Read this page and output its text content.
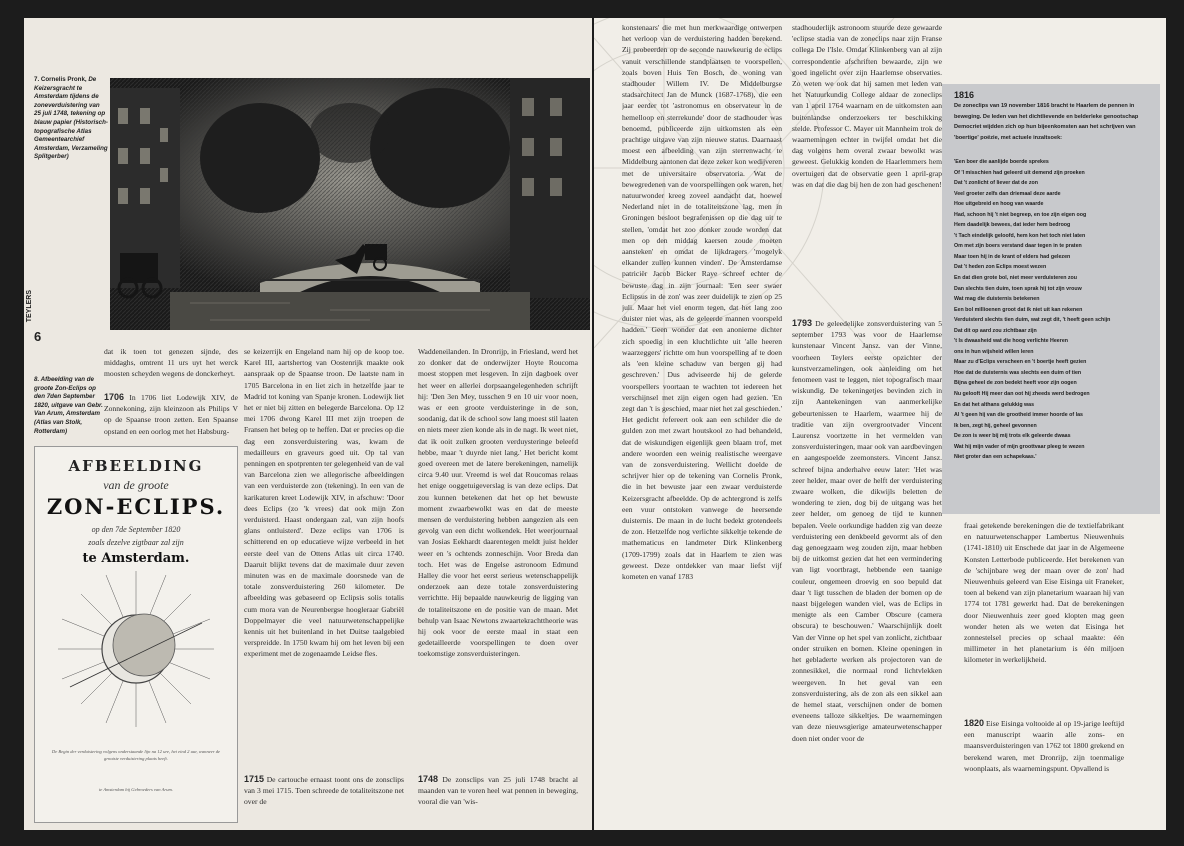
7. Cornelis Pronk, De Keizersgracht te Amsterdam tijdens de zoneverduistering van 25 juli 1748, tekening op blauw papier (Historisch-topografische Atlas Gemeentearchief Amsterdam, Verzameling Splitgerber)
TEYLERS
6
8. Afbeelding van de groote Zon-Eclips op den 7den September 1820, uitgave van Gebr. Van Arum, Amsterdam (Atlas van Stolk, Rotterdam)
AFBEELDING
van de groote
ZON-ECLIPS.
op den 7de September 1820
zoals dezelve zigtbaar zal zijn
te Amsterdam.
De Begin der verduistering volgens onderstaande lijn na 12 ure, het eind 2 uur, wanneer de grootste verduistering plaats heeft.
te Amsterdam bij Gebroeders van Arum.

dat ik toen tot genezen sijnde, des middaghs, omtrent 11 urs uyt het werck moosten scheyden wegens de donckerheyt.

1706 In 1706 liet Lodewijk XIV, de Zonnekoning, zijn kleinzoon als Philips V op de Spaanse troon zetten. Een Spaanse opstand en een oorlog met het Habsburg-

se keizerrijk en Engeland nam hij op de koop toe. Karel III, aartshertog van Oostenrijk maakte ook aanspraak op de Spaanse troon. De laatste nam in 1705 Barcelona in en liet zich in hetzelfde jaar te Madrid tot koning van Spanje kronen. Lodewijk liet het er niet bij zitten en belegerde Barcelona. Op 12 mei 1706 dwong Karel III met zijn troepen de Fransen het beleg op te heffen. Dat er precies op die dag een zonsverduistering was, kwam de medailleurs en graveurs goed uit. Op tal van penningen en spotprenten ter gelegenheid van de val van Barcelona zien we allegorische afbeeldingen van een verduisterde zon (tekening). In een van de karikaturen kreet Lodewijk XIV, in afschuw: 'Door dees Eclips (zo 'k vrees) dat ook mijn Zon verduisterd. Haast ondergaan zal, van zijn hoofs glans ontluisterd'. Deze eclips van 1706 is schitterend en op educatieve wijze verbeeld in het eerste deel van de Ottens Atlas uit circa 1740. Daaruit blijkt tevens dat de maximale duur zeven minuten was en de maximale doorsnede van de totale zonsverduistering 260 kilometer. De afbeelding was gebaseerd op Eclipsis solis totalis cum mora van de Neurenbergse hoogleraar Gabriël Doppelmayer die veel natuurwetenschappelijke kennis uit het buitenland in het Duitse taalgebied verspreidde. In 1750 kwam hij om het leven bij een experiment met de zogenaamde Leidse fles.

1715 De cartouche ernaast toont ons de zonsclips van 3 mei 1715. Toen schreede de totaliteitszone net over de

Waddeneilanden. In Dronrijp, in Friesland, werd het zo donker dat de onderwijzer Hoyte Roucoma moest stoppen met lesgeven. In zijn dagboek over het weer en allerlei dorpsaangelegenheden schrijft hij: 'Den 3en Mey, tusschen 9 en 10 uir voor noen, was er een groote verduisteringe in de son, soodanig, dat ik de school sow lang moest stil laaten en niets meer zien konde als in de nagt. Ik weet niet, dat ik ooit zulken grooten verduysteringe beleefd hebbe, maar 't duyrde niet lang.' Het bericht komt goed overeen met de latere berekeningen, namelijk circa 9.40 uur. Vreemd is wel dat Roucomas relaas het enige ooggetuigeverslag is van deze eclips. Dat zou kunnen betekenen dat het op het bewuste moment zwaarbewolkt was en dat de meeste mensen de verduistering hebben aangezien als een gevolg van een dicht wolkendek. Het weerjournaal van Josias Eekhardt daarentegen meldt juist helder weer en 's ochtends zonneschijn. Voor Breda dan toch. Het was de Engelse astronoom Edmund Halley die voor het eerst serieus wetenschappelijk onderzoek aan deze totale zonsverduistering verrichtte. Hij bepaalde nauwkeurig de ligging van de totaliteitszone en de positie van de maan. Met behulp van Isaac Newtons zwaartekrachttheorie was hij ook voor de eerste maal in staat een gedetailleerde voorspellingen te doen over toekomstige zonsverduisteringen.

1748 De zonsclips van 25 juli 1748 bracht al maanden van te voren heel wat pennen in beweging, vooral die van 'wis-

konstenaars' die met hun merkwaardige ontwerpen het verloop van de verduistering hadden berekend. Zij probeerden op de seconde nauwkeurig de eclips vanuit verschillende standplaatsen te voorspellen, zoals boven Huis Ten Bosch, de woning van stadhouder Willem IV. De Middelburgse stadsarchitect Jan de Munck (1687-1768), die een jaar eerder tot 'astronomus en observateur in de hemelloop en sterrekunde' door de stadhouder was benoemd, publiceerde zijn uitkomsten als een prachtige uitgave van zijn nieuwe status. Daarnaast moest een afbeelding van zijn sterrenwacht te Middelburg aantonen dat deze zeker kon wedijveren met de universitaire observatoria. Wat de bewegredenen van de voorspellingen ook waren, het natuurwonder kreeg zoveel aandacht dat, hoewel Nederland niet in de totaliteitszone lag, men in Groningen besloot begrafenissen op die dag uit te stellen, 'omdat het zoo donker zoude worden dat men op den middag kaersen zoude moeten aansteken' en omdat de lijkdragers 'mogelyk elkander zullen kunnen vinden'. De Amsterdamse patriciër Jacob Bicker Raye schreef echter de bewuste dag in zijn journaal: 'Een seer swaer Eclipsus in de zon' was zeer duidelijk te zien op 25 juli. Maar het viel enorm tegen, dat het lang zoo duister niet was, als de geleerde mannen voorspeld hadden.' Geen wonder dat een anonieme dichter zich spoedig in een kluchtlichte uit 'alle heeren waarzeggers' richtte om hun voorspelling af te doen als 'een kleine schaduw van bergen gij had geschreven.' Dus adviseerde hij de gelerde voorspellers voortaan te wachten tot iedereen het verschijnsel met zijn eigen ogen had gezien. 'En zegt dan 't is geschied, maar niet het zal geschieden.' Het gedicht refereert ook aan een schilder die de gulden zon met zwart houtskool zo had behandeld, dat de wiskundigen eigenlijk geen blaam trof, met andere woorden een weinig realistische weergave van de zonsverduistering. Wellicht doelde de schrijver hier op de tekening van Cornelis Pronk, die in het bewuste jaar een zwaar verduisterde Keizersgracht afbeeldde. Op de achtergrond is zelfs een vuur ontstoken vanwege de heersende duisternis. De maan in de lucht bedekt grotendeels de zon. Hetzelfde nog verlichte sikkeltje tekende de mathematicus en landmeter Dirk Klinkenberg (1709-1799) zoals dat in Haarlem te zien was geweest. Deze ontdekker van maar liefst vijf kometen en vanaf 1783

stadhouderlijk astronoom stuurde deze gewaarde 'eclipse stadia van de zoneclips naar zijn Franse collega De l'Isle. Omdat Klinkenberg van al zijn correspondentie afschriften bewaarde, zijn we goed ingelicht over zijn Haarlemse observaties. Zo weten we ook dat hij samen met leden van het Natuurkundig College aldaar de zoneclips van 1 april 1764 waarnam en de uitkomsten aan buitenlandse onderzoekers ter beschikking stelde. Professor C. Mayer uit Mannheim trok de waarnemingen echter in twijfel omdat het die dag volgens hem overal zwaar bewolkt was geweest. Gelukkig konden de Haarlemmers hem overtuigen dat de observatie geen 1 april-grap was en dat die dag bij hen de zon had geschenen!

1793 De geleedelijke zonsverduistering van 5 september 1793 was voor de Haarlemse kunstenaar Vincent Jansz. van der Vinne, voorheen Teylers eerste opzichter der kunstverzamelingen, ook aanleiding om het fenomeen vast te leggen, niet topografisch maar wiskundig. De tekeningetjes bevinden zich in zijn Aantekeningen van aanmerkelijke gebeurtenissen te Haarlem, waarmee hij de traditie van zijn overgrootvader Vincent Laurensz voortzette in het vermelden van zonsverduisteringen, maar ook van aardbevingen en aangespoelde zeemonsters. Vincent Jansz. schreef bijna anderhalve eeuw later: 'Het was zeer helder, maar over de helft der verduistering zwaare wolken, die dikwijls beletten de wondering te zien, dog bij de uitgang was het zeer helder, om genoeg de tijd te kunnen bepalen. Veele oorkundige hadden zig van deeze verduistering een denkbeeld gevormt als of den dag genoegzaam weg zouden zijn, maar hebben bij de uitkomst gezien dat het een vermindering van ligt voortbragt, hebbende een taanige couleur, ongemeen droevig en soo bepuld dat daar 't ligt tusschen de bladen der bomen op de naast bijgelegen wanden viel, was de Eclips in menigte als een Camber Obscure (camera obscura) te beschouwen.' Waarschijnlijk doelt Van der Vinne op het spel van zonlicht, zichtbaar onder struiken en bomen. Kleine openingen in het gebladerte werken als projectoren van de zonnesikkel, die normaal rond lichtvlekken weergeven. In het geval van een zonsverduistering, als de zon als een sikkel aan de hemel staat, verschijnen onder de bomen eveneens talloze sikkeltjes. De waarnemingen van deze nieuwsgierige amateurwetenschapper doen niet onder voor de

1816
De zoneclips van 19 november 1816 bracht te Haarlem de pennen in beweging. De leden van het dichtlievende en belderleke genootschap Democriet wijdden zich op hun bijeenkomsten aan het schrijven van 'boertige' poëzie, met actuele inzaltsoek:
'Een boer die aanlijde boerde sprekes
Of 'l misschien had geleerd uit demend zijn proeken
Dat 't zonlicht of liever dat de zon
Veel groeter zelfs dan driemaal deze aarde
Hoe uitgebreid en hoog van waarde
Had, schoon hij 't niet begreep, en toe zijn eigen oog
Hem daadelijk bewees, dat ieder hem bedroog
't Tach eindelijk geloofd, hem kon het toch niet laten
Om met zijn boers verstand daar tegen in te praten
Maar toen hij in de krant of elders had gelezen
Dat 't heden zon Eclips moest wezen
En dat dien grote bol, niet meer verduisteren zou
Dan slechts tien duim, toen sprak hij tot zijn vrouw
Wat mag die duisternis betekenen
Een bol millioenen groot dat ik niet uit kan rekenen
Verduisterd slechts tien duim, wat zegt dit, 't heeft geen schijn
Dat dit op aard zou zichtbaar zijn
't Is dwaasheid wat die hoog verlichte Heeren
ons in hun wijsheid willen leren
Maar zu d'Eclips verscheen en 't boertje heeft gezien
Hoe dat de duisternis was slechts een duim of tien
Bijna geheel de zon bedekt heeft voor zijn oogen
Nu gelooft Hij meer dan oot hij zheeds werd bedrogen
En dat het althans gelukkig was
Al 't geen hij van die grootheid immer hoorde of las
Ik ben, zegt hij, geheel gevonnen
De zon is weer bij mij trots elk geleerde dwaas
Wat hij mijn vader of mijn groottvaar pleeg te wezen
Niet groter dan een schapekaas.'

fraai getekende berekeningen die de textielfabrikant en natuurwetenschapper Lambertus Nieuwenhuis (1741-1810) uit Enschede dat jaar in de Algemeene Konsten Letterbode publiceerde. Het berekenen van de 'schijnbare weg der maan over de zon' had Nieuwenhuis geleerd van Eise Eisinga uit Franeker, toen al bekend van zijn planetarium waaraan hij van 1774 tot 1781 gewerkt had. Dat de berekeningen door Nieuwenhuis zeer goed klopten mag geen wonder heten als we weten dat Eisinga het zonnestelsel precies op schaal maakte: één millimeter in het planetarium is één miljoen kilometer in werkelijkheid.

1820 Eise Eisinga voltooide al op 19-jarige leeftijd een manuscript waarin alle zons- en maansverduisteringen van 1762 tot 1800 grekend en berekend waren, met Dronrijp, zijn toenmalige woonplaats, als waarnemingspunt. Opvallend is
